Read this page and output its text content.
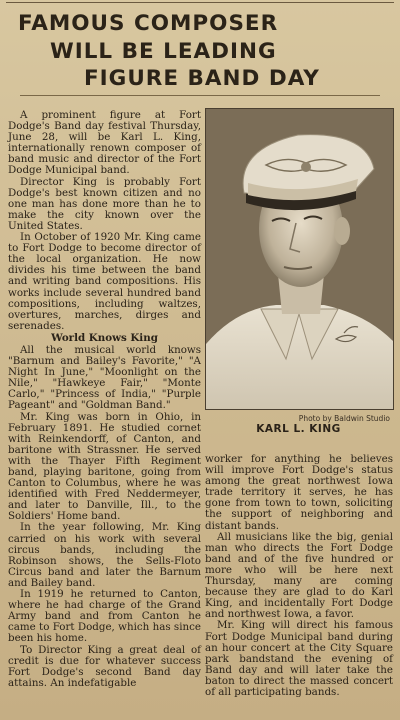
FAMOUS COMPOSER
WILL BE LEADING
FIGURE BAND DAY

A prominent figure at Fort Dodge's Band day festival Thursday, June 28, will be Karl L. King, internationally renown composer of band music and director of the Fort Dodge Municipal band.

Director King is probably Fort Dodge's best known citizen and no one man has done more than he to make the city known over the United States.

In October of 1920 Mr. King came to Fort Dodge to become director of the local organization. He now divides his time between the band and writing band compositions. His works include several hundred band compositions, including waltzes, overtures, marches, dirges and serenades.

World Knows King

All the musical world knows "Barnum and Bailey's Favorite," "A Night In June," "Moonlight on the Nile," "Hawkeye Fair," "Monte Carlo," "Princess of India," "Purple Pageant" and "Goldman Band."

Mr. King was born in Ohio, in February 1891. He studied cornet with Reinkendorff, of Canton, and baritone with Strassner. He served with the Thayer Fifth Regiment band, playing baritone, going from Canton to Columbus, where he was identified with Fred Neddermeyer, and later to Danville, Ill., to the Soldiers' Home band.

In the year following, Mr. King carried on his work with several circus bands, including the Robinson shows, the Sells-Floto Circus band and later the Barnum and Bailey band.

In 1919 he returned to Canton, where he had charge of the Grand Army band and from Canton he came to Fort Dodge, which has since been his home.

To Director King a great deal of credit is due for whatever success Fort Dodge's second Band day attains. An indefatigable

Photo by Baldwin Studio
KARL L. KING

worker for anything he believes will improve Fort Dodge's status among the great northwest Iowa trade territory it serves, he has gone from town to town, soliciting the support of neighboring and distant bands.

All musicians like the big, genial man who directs the Fort Dodge band and of the five hundred or more who will be here next Thursday, many are coming because they are glad to do Karl King, and incidentally Fort Dodge and northwest Iowa, a favor.

Mr. King will direct his famous Fort Dodge Municipal band during an hour concert at the City Square park bandstand the evening of Band day and will later take the baton to direct the massed concert of all participating bands.
